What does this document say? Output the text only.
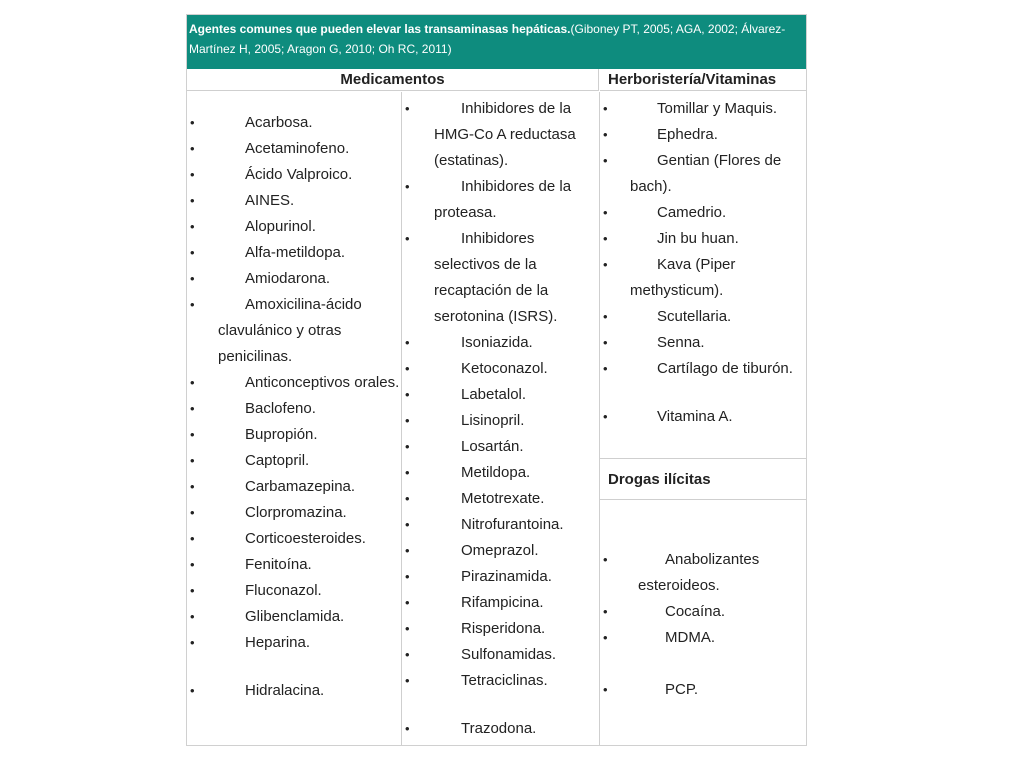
Agentes comunes que pueden elevar las transaminasas hepáticas.(Giboney PT, 2005; AGA, 2002; Álvarez-Martínez H, 2005; Aragon G, 2010; Oh RC, 2011)
Medicamentos	Herboristería/Vitaminas
•	Acarbosa.
•	Acetaminofeno.
•	Ácido Valproico.
•	AINES.
•	Alopurinol.
•	Alfa-metildopa.
•	Amiodarona.
•	Amoxicilina-ácido clavulánico y otras penicilinas.
•	Anticonceptivos orales.
•	Baclofeno.
•	Bupropión.
•	Captopril.
•	Carbamazepina.
•	Clorpromazina.
•	Corticoesteroides.
•	Fenitoína.
•	Fluconazol.
•	Glibenclamida.
•	Heparina.
•	Hidralacina.
•	Inhibidores de la HMG-Co A reductasa (estatinas).
•	Inhibidores de la proteasa.
•	Inhibidores selectivos de la recaptación de la serotonina (ISRS).
•	Isoniazida.
•	Ketoconazol.
•	Labetalol.
•	Lisinopril.
•	Losartán.
•	Metildopa.
•	Metotrexate.
•	Nitrofurantoina.
•	Omeprazol.
•	Pirazinamida.
•	Rifampicina.
•	Risperidona.
•	Sulfonamidas.
•	Tetraciclinas.
•	Trazodona.
•	Tomillar y Maquis.
•	Ephedra.
•	Gentian (Flores de bach).
•	Camedrio.
•	Jin bu huan.
•	Kava (Piper methysticum).
•	Scutellaria.
•	Senna.
•	Cartílago de tiburón.
•	Vitamina A.
Drogas ilícitas
•	Anabolizantes esteroideos.
•	Cocaína.
•	MDMA.
•	PCP.
